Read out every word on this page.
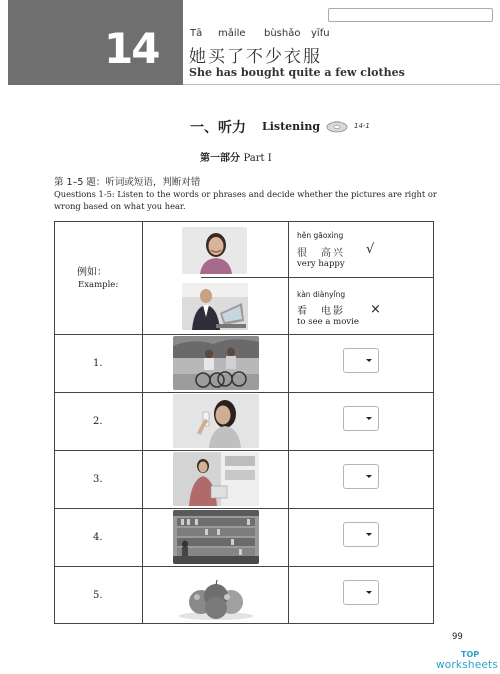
14	Tā mǎile bùshǎo yīfu
她买了不少衣服
She has bought quite a few clothes
一、听力 Listening	14-1
第一部分 Part Ⅰ
第 1–5 题：听词或短语，判断对错
Questions 1-5: Listen to the words or phrases and decide whether the pictures are right or wrong based on what you hear.
例如：
Example:
hěn gāoxìng
很　高兴
very happy
√
kàn diànyǐng
看　电影
to see a movie
×
1.
2.
3.
4.
5.
99
TOP
worksheets
